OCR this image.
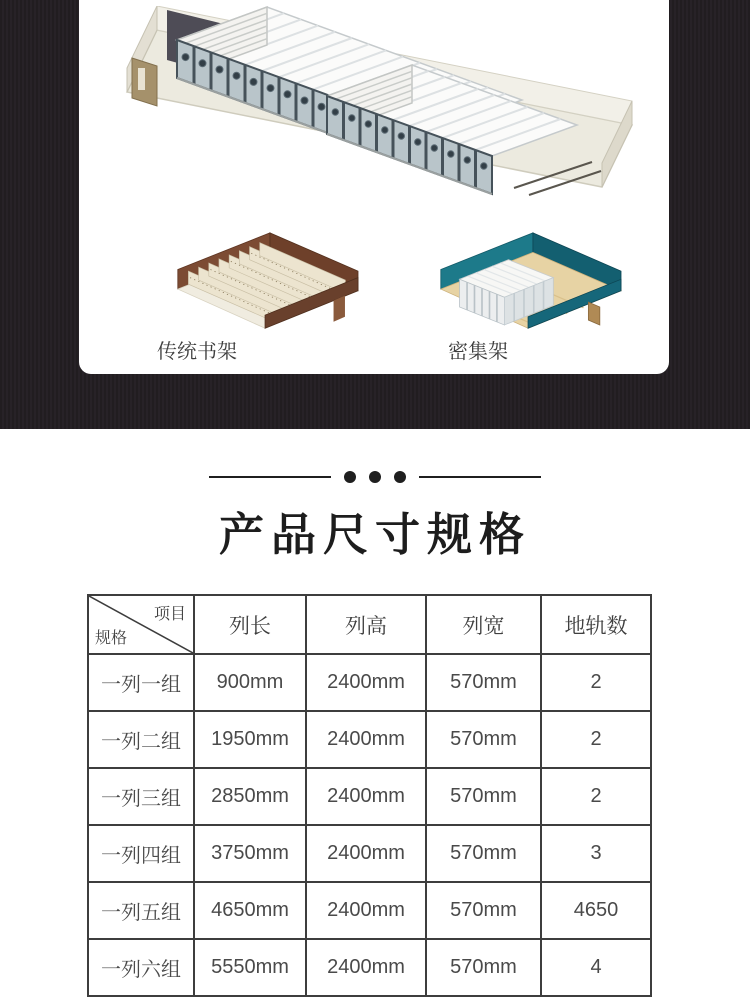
传统书架	密集架
产品尺寸规格
项目
规格	列长	列高	列宽	地轨数
一列一组	900mm	2400mm	570mm	2
一列二组	1950mm	2400mm	570mm	2
一列三组	2850mm	2400mm	570mm	2
一列四组	3750mm	2400mm	570mm	3
一列五组	4650mm	2400mm	570mm	4650
一列六组	5550mm	2400mm	570mm	4
